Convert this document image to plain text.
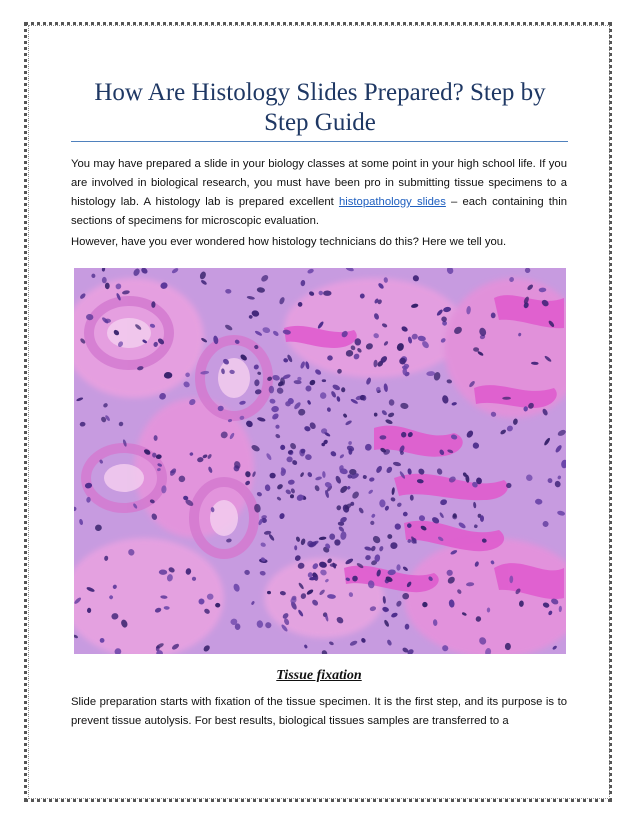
How Are Histology Slides Prepared? Step by Step Guide

You may have prepared a slide in your biology classes at some point in your high school life. If you are involved in biological research, you must have been pro in submitting tissue specimens to a histology lab. A histology lab is prepared excellent histopathology slides – each containing thin sections of specimens for microscopic evaluation.

However, have you ever wondered how histology technicians do this? Here we tell you.

Tissue fixation

Slide preparation starts with fixation of the tissue specimen. It is the first step, and its purpose is to prevent tissue autolysis. For best results, biological tissues samples are transferred to a
